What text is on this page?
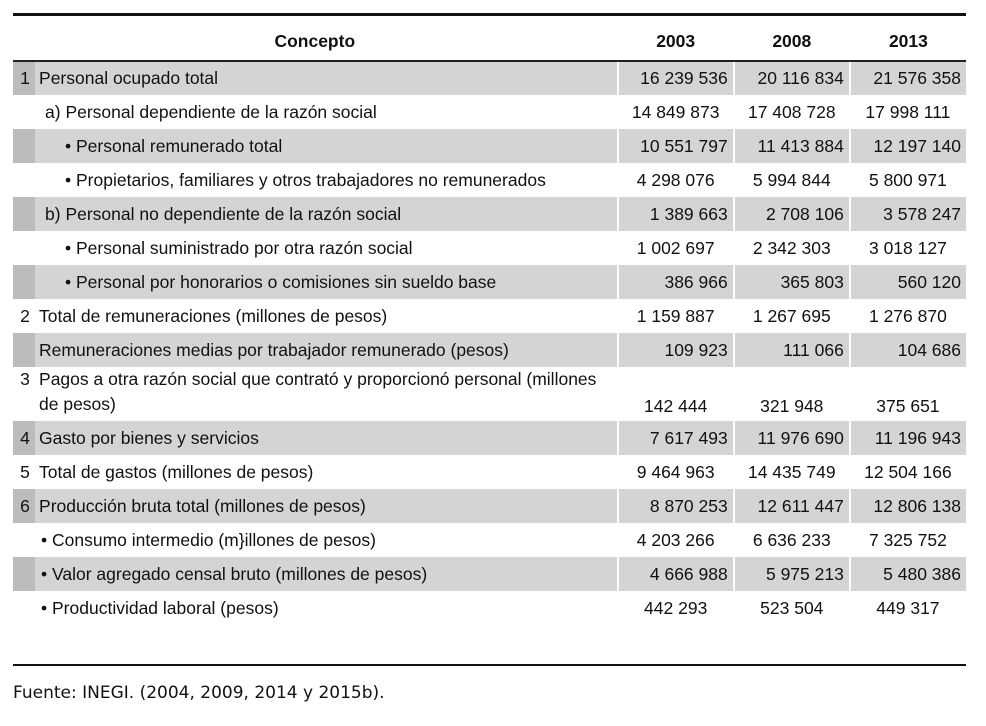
Concepto		2003	2008	2013
1	Personal ocupado total	16 239 536	20 116 834	21 576 358
	a) Personal dependiente de la razón social	14 849 873	17 408 728	17 998 111
	• Personal remunerado total	10 551 797	11 413 884	12 197 140
	• Propietarios, familiares y otros trabajadores no remunerados	4 298 076	5 994 844	5 800 971
	b) Personal no dependiente de la razón social	1 389 663	2 708 106	3 578 247
	• Personal suministrado por otra razón social	1 002 697	2 342 303	3 018 127
	• Personal por honorarios o comisiones sin sueldo base	386 966	365 803	560 120
2	Total de remuneraciones (millones de pesos)	1 159 887	1 267 695	1 276 870
	Remuneraciones medias por trabajador remunerado (pesos)	109 923	111 066	104 686
3	Pagos a otra razón social que contrató y proporcionó personal (millones de pesos)	142 444	321 948	375 651
4	Gasto por bienes y servicios	7 617 493	11 976 690	11 196 943
5	Total de gastos (millones de pesos)	9 464 963	14 435 749	12 504 166
6	Producción bruta total (millones de pesos)	8 870 253	12 611 447	12 806 138
	• Consumo intermedio (m}illones de pesos)	4 203 266	6 636 233	7 325 752
	• Valor agregado censal bruto (millones de pesos)	4 666 988	5 975 213	5 480 386
	• Productividad laboral (pesos)	442 293	523 504	449 317
Fuente: INEGI. (2004, 2009, 2014 y 2015b).
